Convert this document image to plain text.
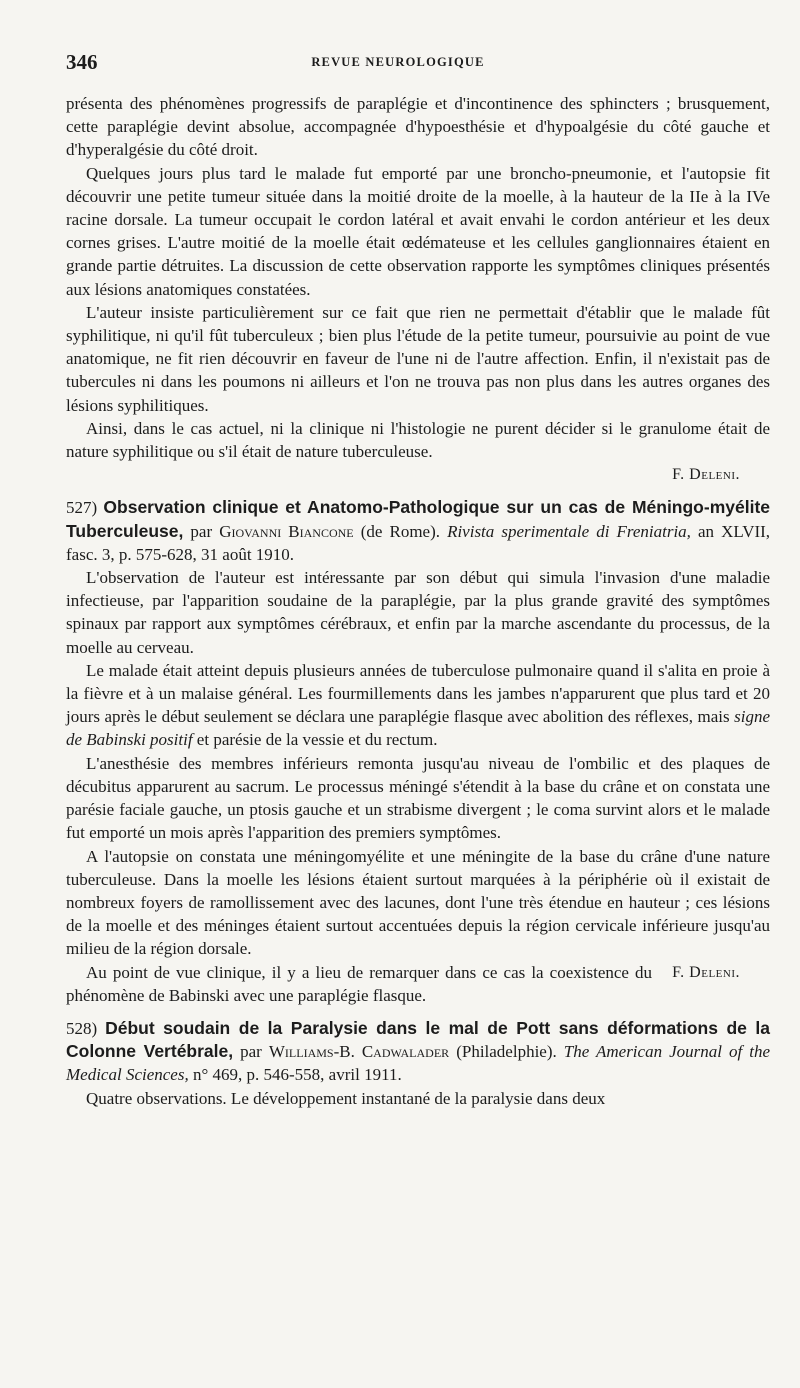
346	REVUE NEUROLOGIQUE

présenta des phénomènes progressifs de paraplégie et d'incontinence des sphincters ; brusquement, cette paraplégie devint absolue, accompagnée d'hypoesthésie et d'hypoalgésie du côté gauche et d'hyperalgésie du côté droit.

Quelques jours plus tard le malade fut emporté par une broncho-pneumonie, et l'autopsie fit découvrir une petite tumeur située dans la moitié droite de la moelle, à la hauteur de la IIe à la IVe racine dorsale. La tumeur occupait le cordon latéral et avait envahi le cordon antérieur et les deux cornes grises. L'autre moitié de la moelle était œdémateuse et les cellules ganglionnaires étaient en grande partie détruites. La discussion de cette observation rapporte les symptômes cliniques présentés aux lésions anatomiques constatées.

L'auteur insiste particulièrement sur ce fait que rien ne permettait d'établir que le malade fût syphilitique, ni qu'il fût tuberculeux ; bien plus l'étude de la petite tumeur, poursuivie au point de vue anatomique, ne fit rien découvrir en faveur de l'une ni de l'autre affection. Enfin, il n'existait pas de tubercules ni dans les poumons ni ailleurs et l'on ne trouva pas non plus dans les autres organes des lésions syphilitiques.

Ainsi, dans le cas actuel, ni la clinique ni l'histologie ne purent décider si le granulome était de nature syphilitique ou s'il était de nature tuberculeuse.

F. Deleni.

527) Observation clinique et Anatomo-Pathologique sur un cas de Méningo-myélite Tuberculeuse, par Giovanni Biancone (de Rome). Rivista sperimentale di Freniatria, an XLVII, fasc. 3, p. 575-628, 31 août 1910.

L'observation de l'auteur est intéressante par son début qui simula l'invasion d'une maladie infectieuse, par l'apparition soudaine de la paraplégie, par la plus grande gravité des symptômes spinaux par rapport aux symptômes cérébraux, et enfin par la marche ascendante du processus, de la moelle au cerveau.

Le malade était atteint depuis plusieurs années de tuberculose pulmonaire quand il s'alita en proie à la fièvre et à un malaise général. Les fourmillements dans les jambes n'apparurent que plus tard et 20 jours après le début seulement se déclara une paraplégie flasque avec abolition des réflexes, mais signe de Babinski positif et parésie de la vessie et du rectum.

L'anesthésie des membres inférieurs remonta jusqu'au niveau de l'ombilic et des plaques de décubitus apparurent au sacrum. Le processus méningé s'étendit à la base du crâne et on constata une parésie faciale gauche, un ptosis gauche et un strabisme divergent ; le coma survint alors et le malade fut emporté un mois après l'apparition des premiers symptômes.

A l'autopsie on constata une méningomyélite et une méningite de la base du crâne d'une nature tuberculeuse. Dans la moelle les lésions étaient surtout marquées à la périphérie où il existait de nombreux foyers de ramollissement avec des lacunes, dont l'une très étendue en hauteur ; ces lésions de la moelle et des méninges étaient surtout accentuées depuis la région cervicale inférieure jusqu'au milieu de la région dorsale.

F. Deleni.
Au point de vue clinique, il y a lieu de remarquer dans ce cas la coexistence du phénomène de Babinski avec une paraplégie flasque.

528) Début soudain de la Paralysie dans le mal de Pott sans déformations de la Colonne Vertébrale, par Williams-B. Cadwalader (Philadelphie). The American Journal of the Medical Sciences, n° 469, p. 546-558, avril 1911.

Quatre observations. Le développement instantané de la paralysie dans deux
